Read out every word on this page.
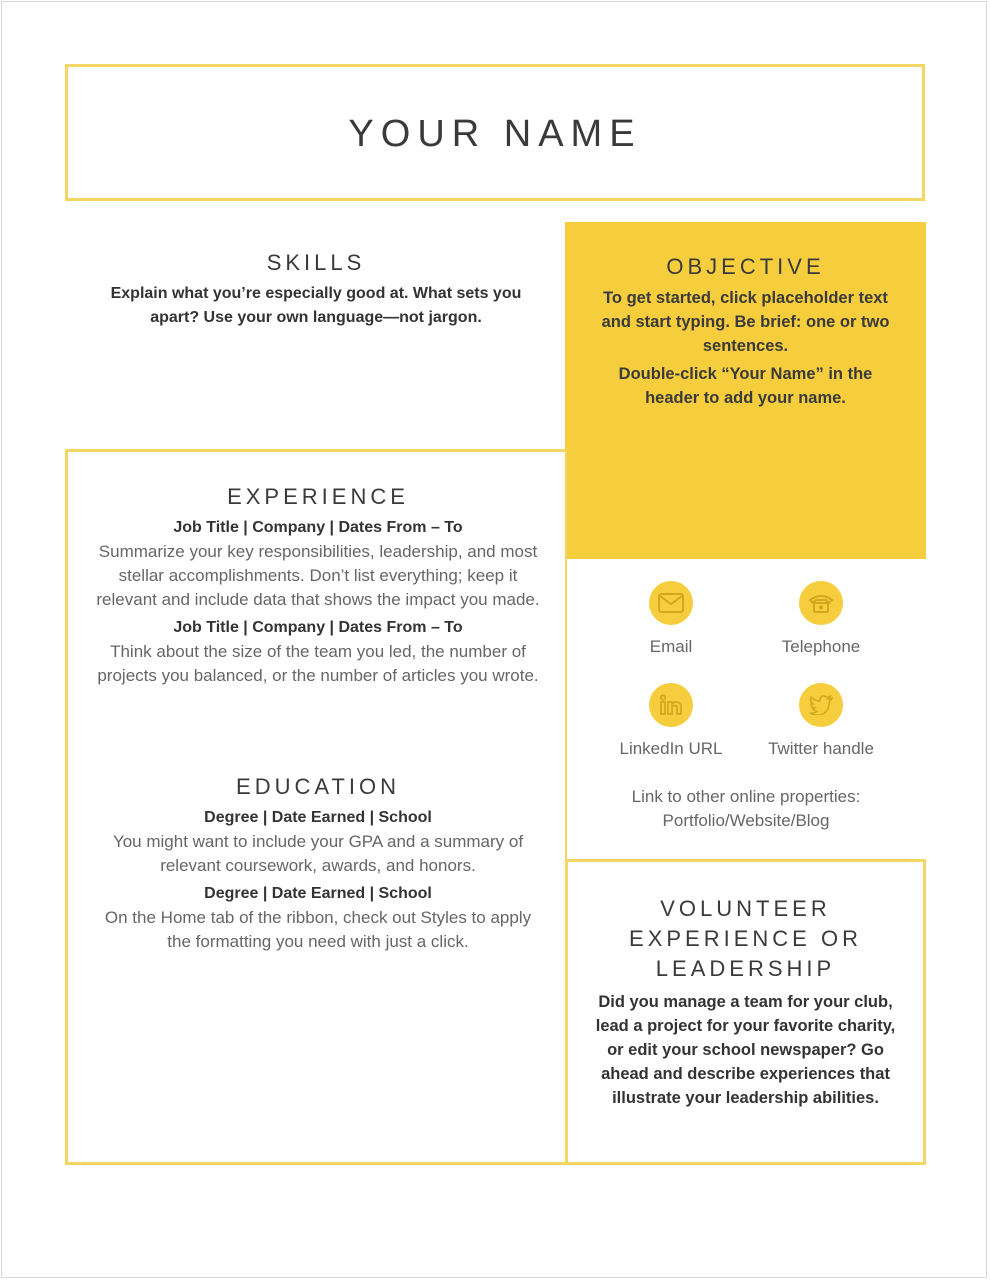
YOUR NAME
SKILLS
Explain what you’re especially good at. What sets you apart? Use your own language—not jargon.
OBJECTIVE
To get started, click placeholder text and start typing. Be brief: one or two sentences.
Double-click “Your Name” in the header to add your name.
EXPERIENCE
Job Title | Company | Dates From – To
Summarize your key responsibilities, leadership, and most stellar accomplishments. Don’t list everything; keep it relevant and include data that shows the impact you made.
Job Title | Company | Dates From – To
Think about the size of the team you led, the number of projects you balanced, or the number of articles you wrote.
EDUCATION
Degree | Date Earned | School
You might want to include your GPA and a summary of relevant coursework, awards, and honors.
Degree | Date Earned | School
On the Home tab of the ribbon, check out Styles to apply the formatting you need with just a click.
Email	Telephone
LinkedIn URL	Twitter handle
Link to other online properties:
Portfolio/Website/Blog
VOLUNTEER
EXPERIENCE OR
LEADERSHIP
Did you manage a team for your club, lead a project for your favorite charity, or edit your school newspaper? Go ahead and describe experiences that illustrate your leadership abilities.
